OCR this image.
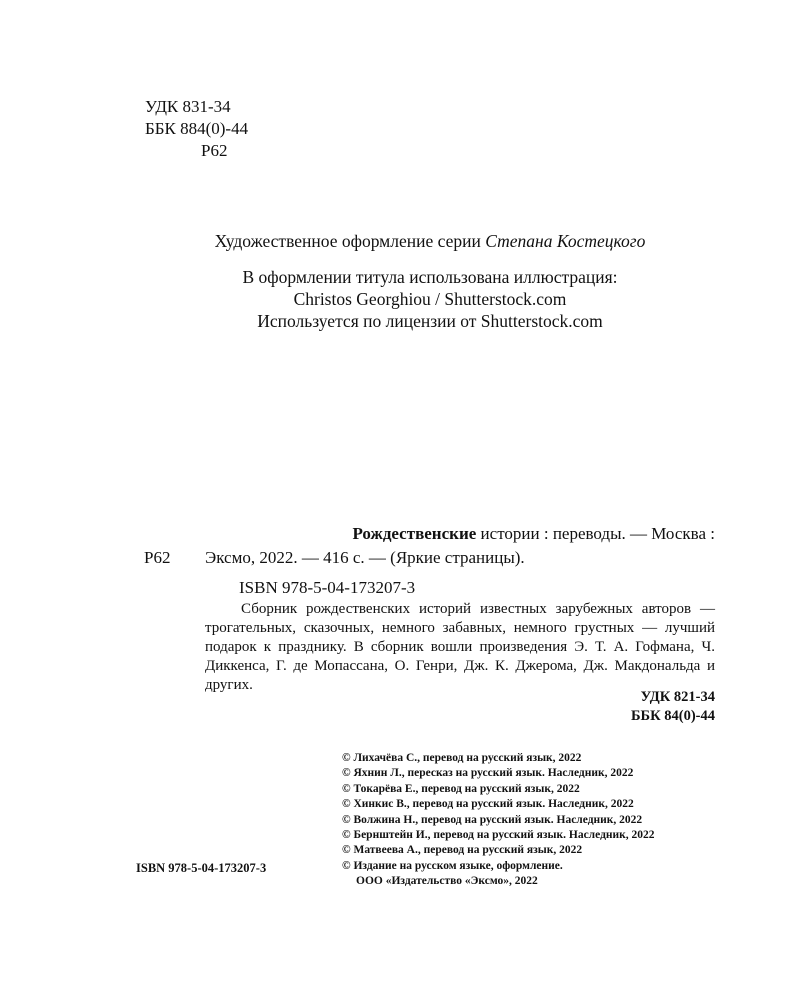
УДК 831-34
ББК 884(0)-44
Р62
Художественное оформление серии Степана Костецкого
В оформлении титула использована иллюстрация:
Christos Georghiou / Shutterstock.com
Используется по лицензии от Shutterstock.com
Р62
Рождественские истории : переводы. — Москва :
Эксмо, 2022. — 416 с. — (Яркие страницы).
ISBN 978-5-04-173207-3
Сборник рождественских историй известных зарубежных авторов — трогательных, сказочных, немного забавных, немного грустных — лучший подарок к празднику. В сборник вошли произведения Э. Т. А. Гофмана, Ч. Диккенса, Г. де Мопассана, О. Генри, Дж. К. Джерома, Дж. Макдональда и других.
УДК 821-34
ББК 84(0)-44
© Лихачёва С., перевод на русский язык, 2022
© Яхнин Л., пересказ на русский язык. Наследник, 2022
© Токарёва Е., перевод на русский язык, 2022
© Хинкис В., перевод на русский язык. Наследник, 2022
© Волжина Н., перевод на русский язык. Наследник, 2022
© Бернштейн И., перевод на русский язык. Наследник, 2022
© Матвеева А., перевод на русский язык, 2022
© Издание на русском языке, оформление.
ООО «Издательство «Эксмо», 2022
ISBN 978-5-04-173207-3
